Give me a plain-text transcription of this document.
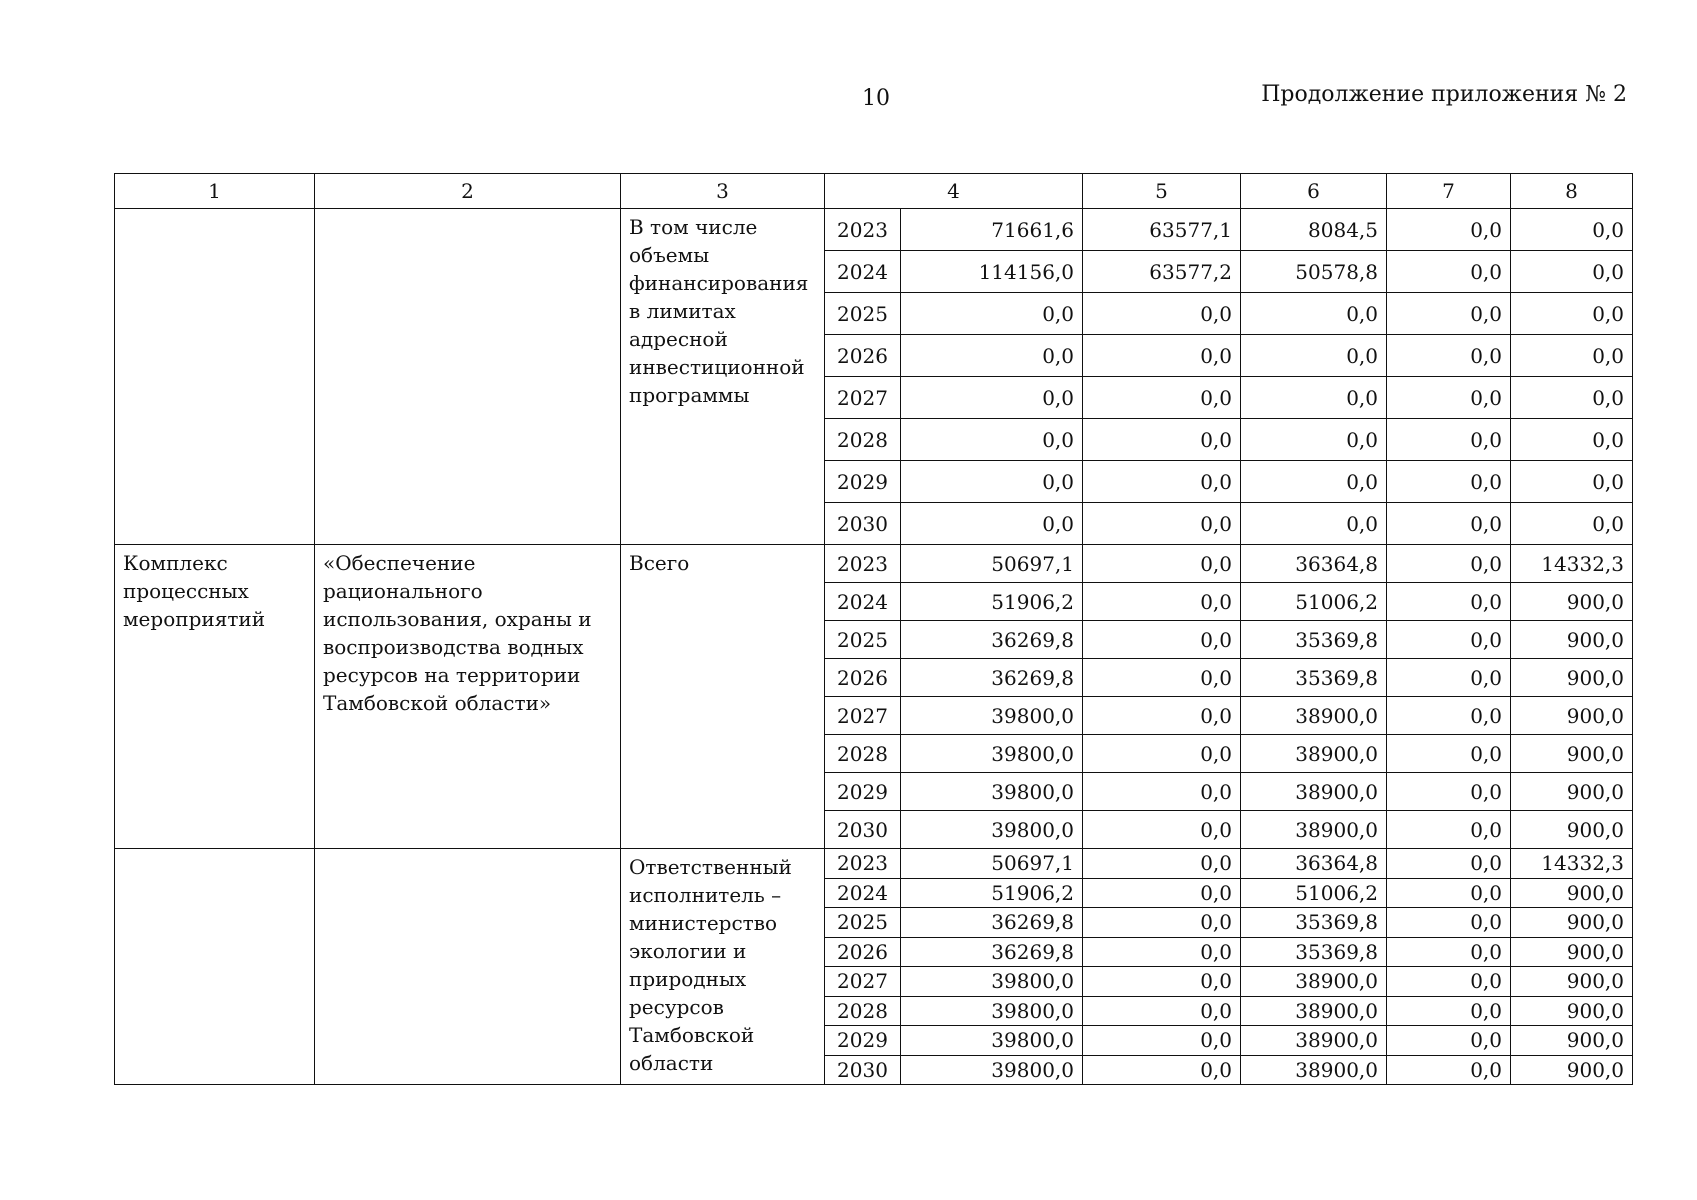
10	Продолжение приложения № 2
1	2	3	4		5	6	7	8
		В том числе объемы финансирования в лимитах адресной инвестиционной программы	2023	71661,6	63577,1	8084,5	0,0	0,0
			2024	114156,0	63577,2	50578,8	0,0	0,0
			2025	0,0	0,0	0,0	0,0	0,0
			2026	0,0	0,0	0,0	0,0	0,0
			2027	0,0	0,0	0,0	0,0	0,0
			2028	0,0	0,0	0,0	0,0	0,0
			2029	0,0	0,0	0,0	0,0	0,0
			2030	0,0	0,0	0,0	0,0	0,0
Комплекс процессных мероприятий	«Обеспечение рационального использования, охраны и воспроизводства водных ресурсов на территории Тамбовской области»	Всего	2023	50697,1	0,0	36364,8	0,0	14332,3
			2024	51906,2	0,0	51006,2	0,0	900,0
			2025	36269,8	0,0	35369,8	0,0	900,0
			2026	36269,8	0,0	35369,8	0,0	900,0
			2027	39800,0	0,0	38900,0	0,0	900,0
			2028	39800,0	0,0	38900,0	0,0	900,0
			2029	39800,0	0,0	38900,0	0,0	900,0
			2030	39800,0	0,0	38900,0	0,0	900,0
		Ответственный исполнитель – министерство экологии и природных ресурсов Тамбовской области	2023	50697,1	0,0	36364,8	0,0	14332,3
			2024	51906,2	0,0	51006,2	0,0	900,0
			2025	36269,8	0,0	35369,8	0,0	900,0
			2026	36269,8	0,0	35369,8	0,0	900,0
			2027	39800,0	0,0	38900,0	0,0	900,0
			2028	39800,0	0,0	38900,0	0,0	900,0
			2029	39800,0	0,0	38900,0	0,0	900,0
			2030	39800,0	0,0	38900,0	0,0	900,0
